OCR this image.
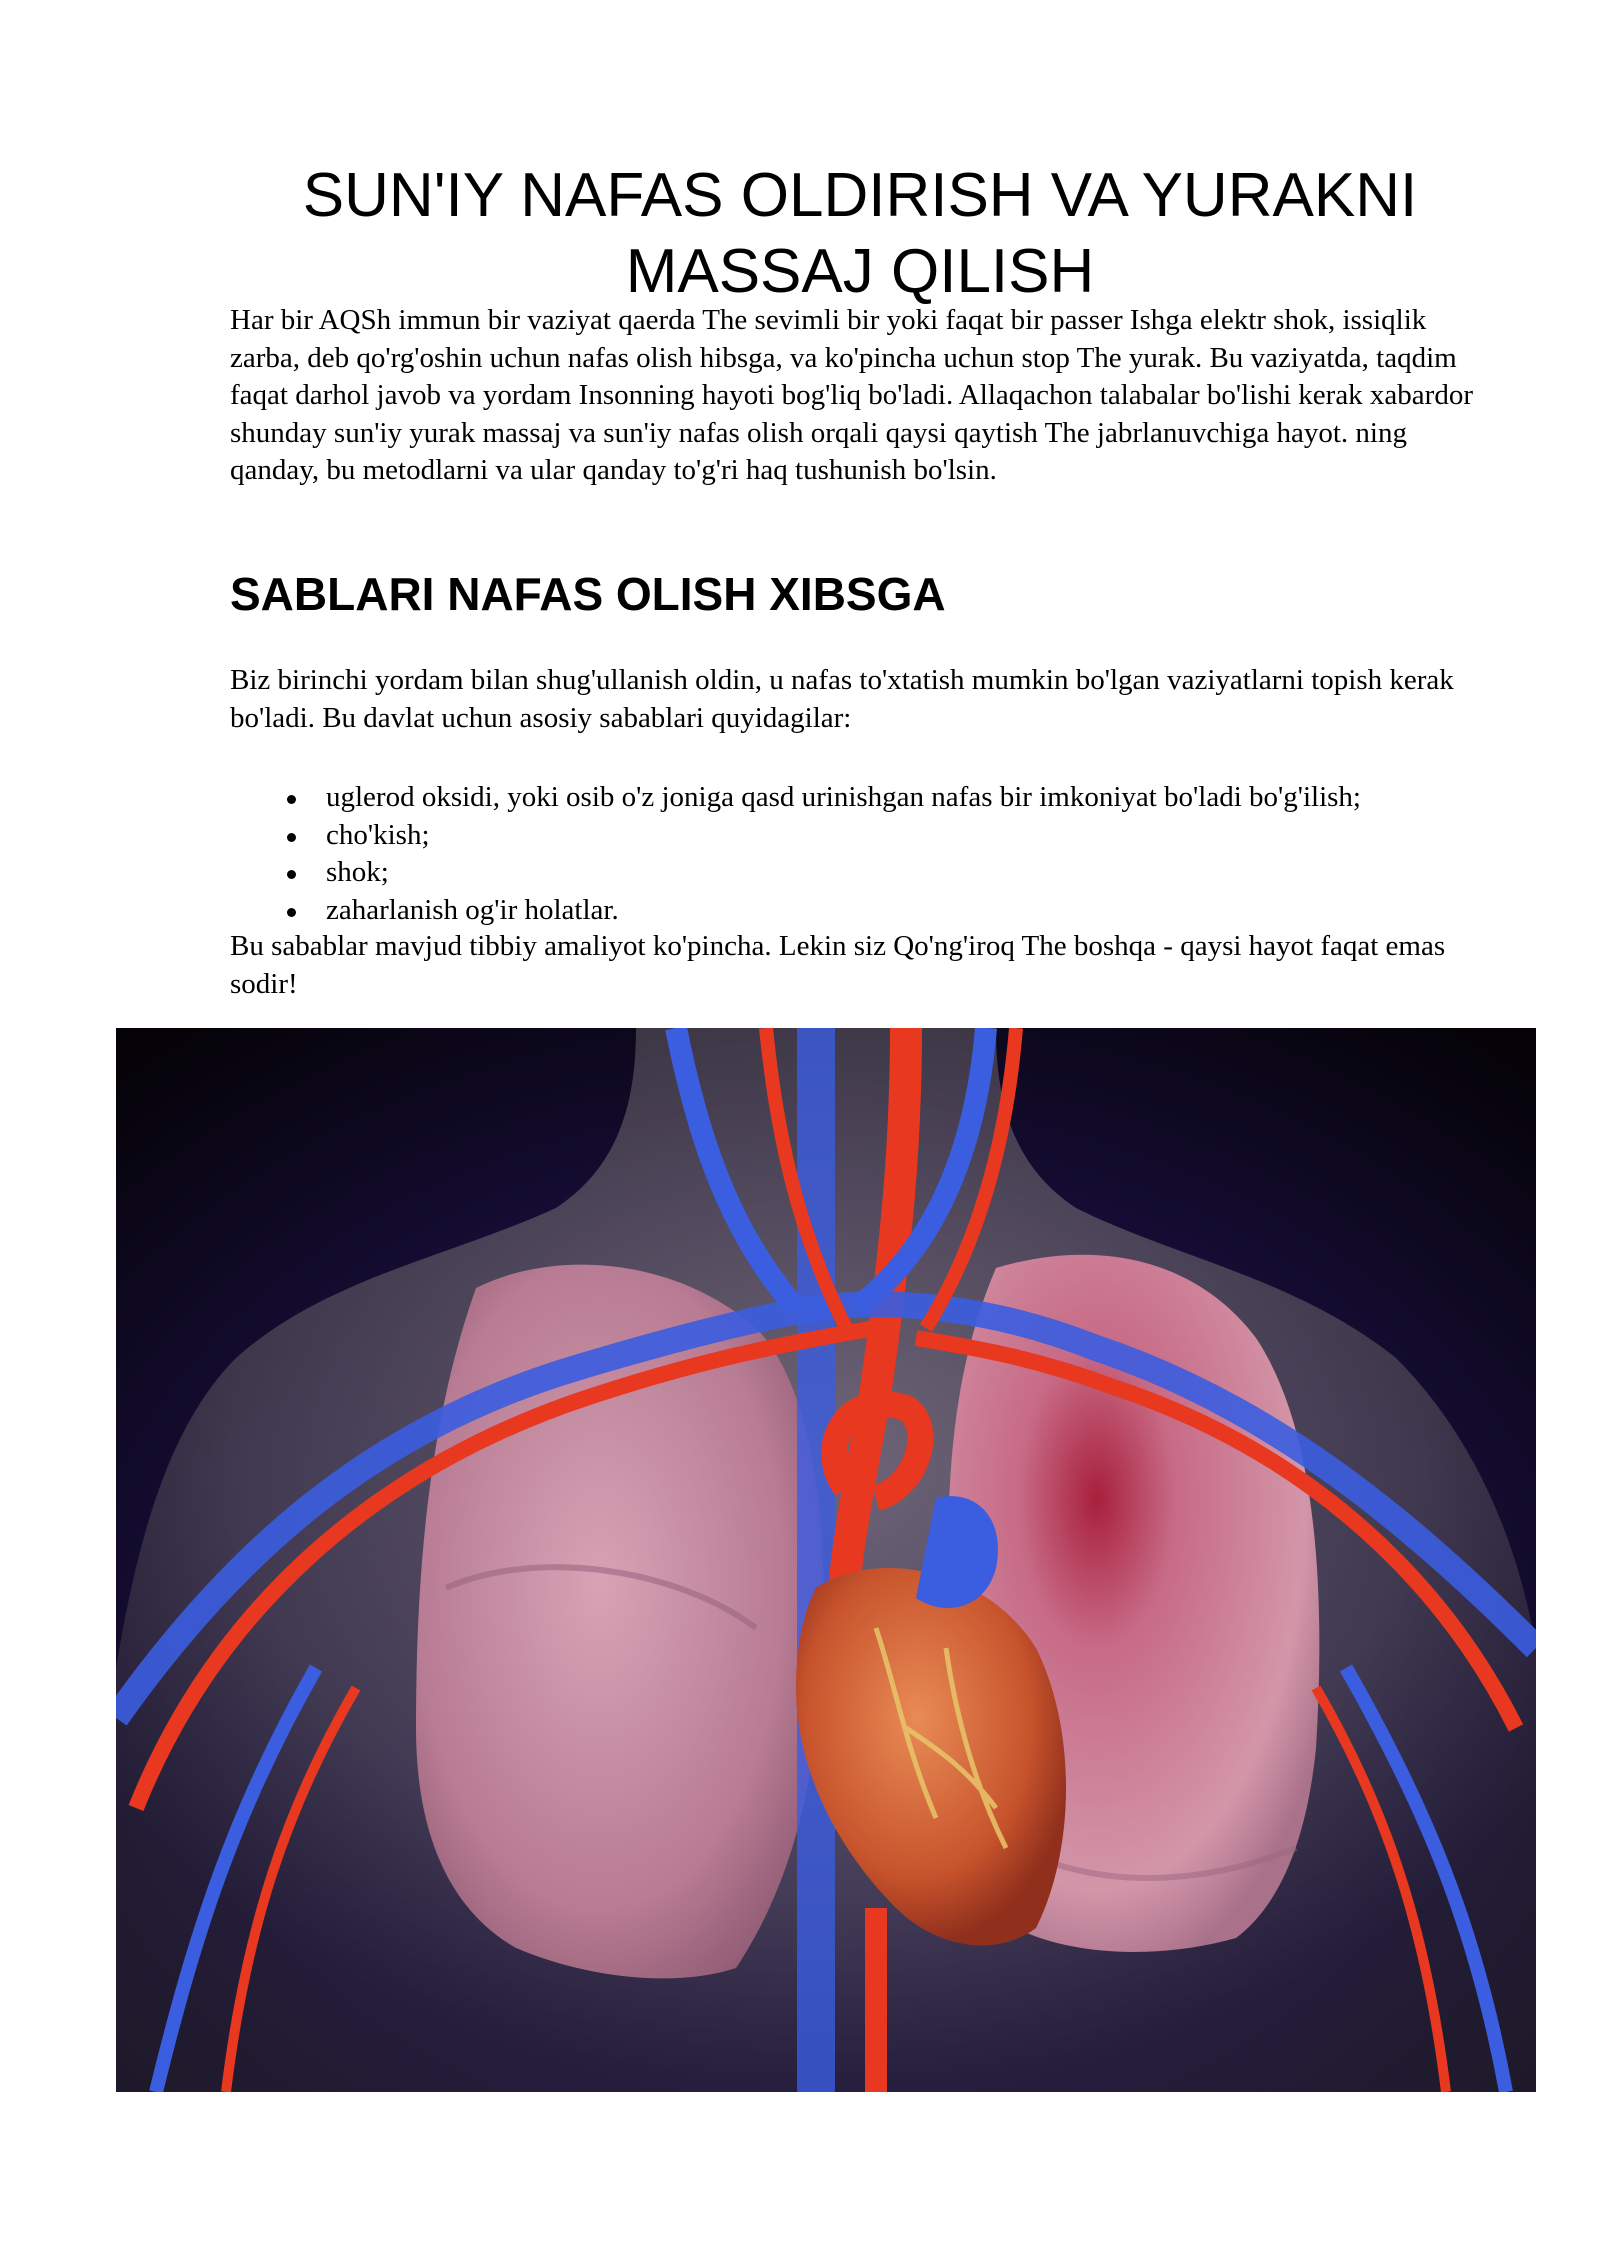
SUN'IY NAFAS OLDIRISH VA YURAKNI MASSAJ QILISH

Har bir AQSh immun bir vaziyat qaerda The sevimli bir yoki faqat bir passer Ishga elektr shok, issiqlik zarba, deb qo'rg'oshin uchun nafas olish hibsga, va ko'pincha uchun stop The yurak. Bu vaziyatda, taqdim faqat darhol javob va yordam Insonning hayoti bog'liq bo'ladi. Allaqachon talabalar bo'lishi kerak xabardor shunday sun'iy yurak massaj va sun'iy nafas olish orqali qaysi qaytish The jabrlanuvchiga hayot. ning qanday, bu metodlarni va ular qanday to'g'ri haq tushunish bo'lsin.

SABLARI NAFAS OLISH XIBSGA

Biz birinchi yordam bilan shug'ullanish oldin, u nafas to'xtatish mumkin bo'lgan vaziyatlarni topish kerak bo'ladi. Bu davlat uchun asosiy sabablari quyidagilar:

uglerod oksidi, yoki osib o'z joniga qasd urinishgan nafas bir imkoniyat bo'ladi bo'g'ilish;
cho'kish;
shok;
zaharlanish og'ir holatlar.

Bu sabablar mavjud tibbiy amaliyot ko'pincha. Lekin siz Qo'ng'iroq The boshqa - qaysi hayot faqat emas sodir!
